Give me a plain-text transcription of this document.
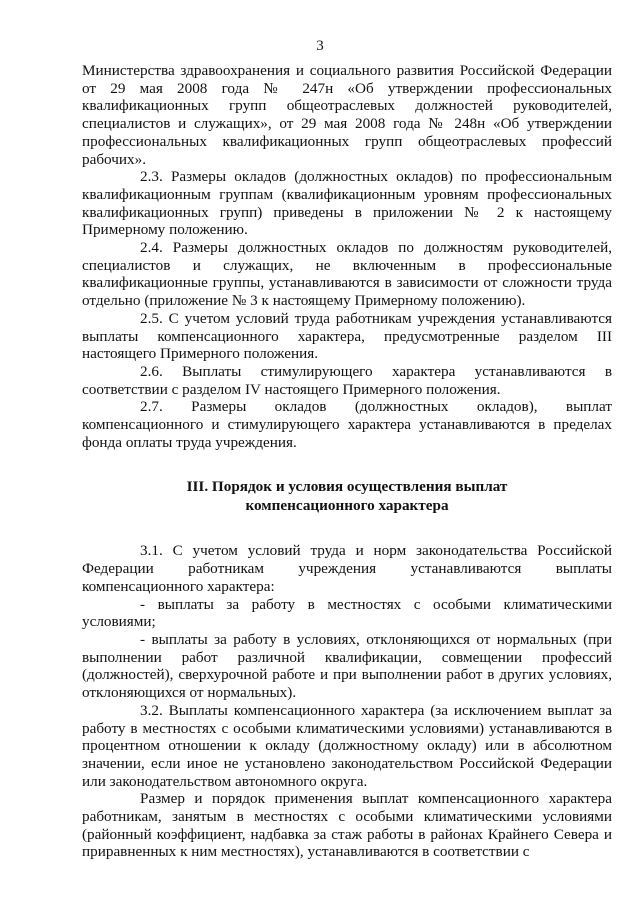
3

Министерства здравоохранения и социального развития Российской Федерации от 29 мая 2008 года № 247н «Об утверждении профессиональных квалификационных групп общеотраслевых должностей руководителей, специалистов и служащих», от 29 мая 2008 года № 248н «Об утверждении профессиональных квалификационных групп общеотраслевых профессий рабочих».

2.3. Размеры окладов (должностных окладов) по профессиональным квалификационным группам (квалификационным уровням профессиональных квалификационных групп) приведены в приложении № 2 к настоящему Примерному положению.

2.4. Размеры должностных окладов по должностям руководителей, специалистов и служащих, не включенным в профессиональные квалификационные группы, устанавливаются в зависимости от сложности труда отдельно (приложение № 3 к настоящему Примерному положению).

2.5. С учетом условий труда работникам учреждения устанавливаются выплаты компенсационного характера, предусмотренные разделом III настоящего Примерного положения.

2.6. Выплаты стимулирующего характера устанавливаются в соответствии с разделом IV настоящего Примерного положения.

2.7. Размеры окладов (должностных окладов), выплат компенсационного и стимулирующего характера устанавливаются в пределах фонда оплаты труда учреждения.

III. Порядок и условия осуществления выплат
компенсационного характера

3.1. С учетом условий труда и норм законодательства Российской Федерации работникам учреждения устанавливаются выплаты компенсационного характера:

- выплаты за работу в местностях с особыми климатическими условиями;

- выплаты за работу в условиях, отклоняющихся от нормальных (при выполнении работ различной квалификации, совмещении профессий (должностей), сверхурочной работе и при выполнении работ в других условиях, отклоняющихся от нормальных).

3.2. Выплаты компенсационного характера (за исключением выплат за работу в местностях с особыми климатическими условиями) устанавливаются в процентном отношении к окладу (должностному окладу) или в абсолютном значении, если иное не установлено законодательством Российской Федерации или законодательством автономного округа.

Размер и порядок применения выплат компенсационного характера работникам, занятым в местностях с особыми климатическими условиями (районный коэффициент, надбавка за стаж работы в районах Крайнего Севера и приравненных к ним местностях), устанавливаются в соответствии с
